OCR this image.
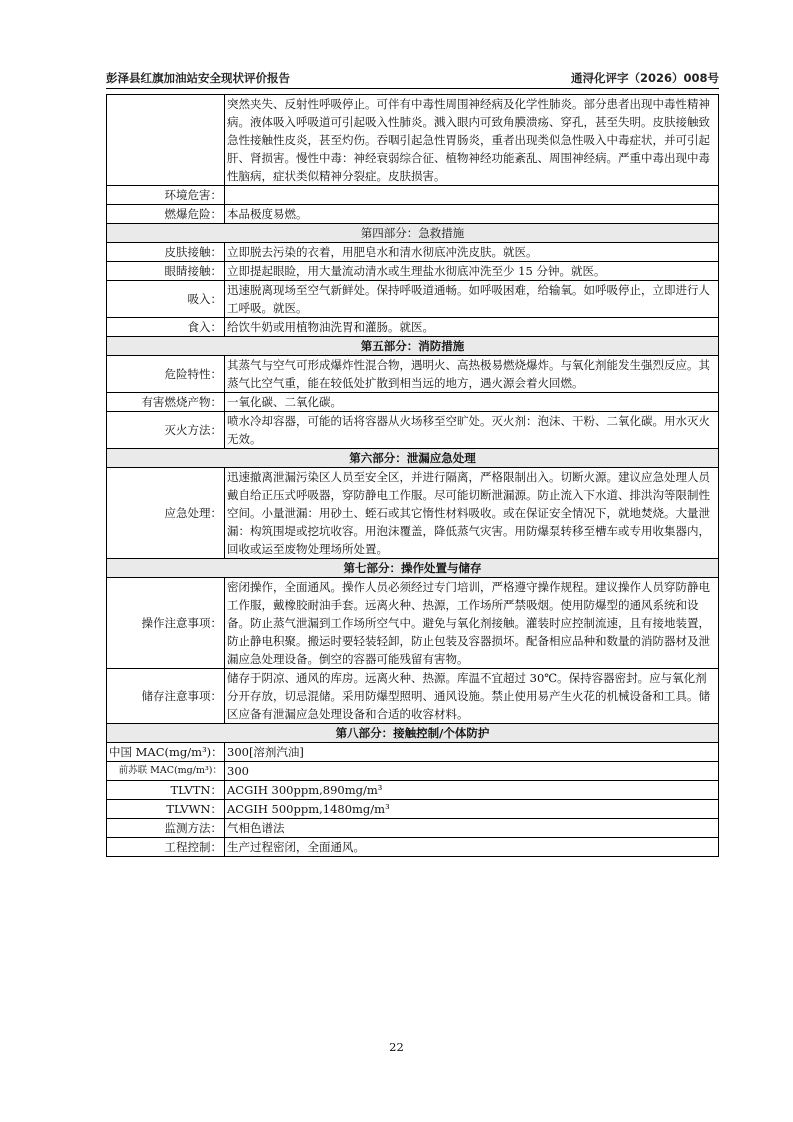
彭泽县红旗加油站安全现状评价报告	通浔化评字（2026）008号
	突然夹失、反射性呼吸停止。可伴有中毒性周围神经病及化学性肺炎。部分患者出现中毒性精神病。液体吸入呼吸道可引起吸入性肺炎。溅入眼内可致角膜溃疡、穿孔，甚至失明。皮肤接触致急性接触性皮炎，甚至灼伤。吞咽引起急性胃肠炎，重者出现类似急性吸入中毒症状，并可引起肝、肾损害。慢性中毒：神经衰弱综合征、植物神经功能紊乱、周围神经病。严重中毒出现中毒性脑病，症状类似精神分裂症。皮肤损害。
环境危害：	
燃爆危险：	本品极度易燃。
第四部分：急救措施	
皮肤接触：	立即脱去污染的衣着，用肥皂水和清水彻底冲洗皮肤。就医。
眼睛接触：	立即提起眼睑，用大量流动清水或生理盐水彻底冲洗至少 15 分钟。就医。
吸入：	迅速脱离现场至空气新鲜处。保持呼吸道通畅。如呼吸困难，给输氧。如呼吸停止，立即进行人工呼吸。就医。
食入：	给饮牛奶或用植物油洗胃和灌肠。就医。
第五部分：消防措施	
危险特性：	其蒸气与空气可形成爆炸性混合物，遇明火、高热极易燃烧爆炸。与氧化剂能发生强烈反应。其蒸气比空气重，能在较低处扩散到相当远的地方，遇火源会着火回燃。
有害燃烧产物：	一氧化碳、二氧化碳。
灭火方法：	喷水冷却容器，可能的话将容器从火场移至空旷处。灭火剂：泡沫、干粉、二氧化碳。用水灭火无效。
第六部分：泄漏应急处理	
应急处理：	迅速撤离泄漏污染区人员至安全区，并进行隔离，严格限制出入。切断火源。建议应急处理人员戴自给正压式呼吸器，穿防静电工作服。尽可能切断泄漏源。防止流入下水道、排洪沟等限制性空间。小量泄漏：用砂土、蛭石或其它惰性材料吸收。或在保证安全情况下，就地焚烧。大量泄漏：构筑围堤或挖坑收容。用泡沫覆盖，降低蒸气灾害。用防爆泵转移至槽车或专用收集器内，回收或运至废物处理场所处置。
第七部分：操作处置与储存	
操作注意事项：	密闭操作，全面通风。操作人员必须经过专门培训，严格遵守操作规程。建议操作人员穿防静电工作服，戴橡胶耐油手套。远离火种、热源，工作场所严禁吸烟。使用防爆型的通风系统和设备。防止蒸气泄漏到工作场所空气中。避免与氧化剂接触。灌装时应控制流速，且有接地装置，防止静电积聚。搬运时要轻装轻卸，防止包装及容器损坏。配备相应品种和数量的消防器材及泄漏应急处理设备。倒空的容器可能残留有害物。
储存注意事项：	储存于阴凉、通风的库房。远离火种、热源。库温不宜超过 30℃。保持容器密封。应与氧化剂分开存放，切忌混储。采用防爆型照明、通风设施。禁止使用易产生火花的机械设备和工具。储区应备有泄漏应急处理设备和合适的收容材料。
第八部分：接触控制/个体防护	
中国 MAC(mg/m³)：	300[溶剂汽油]
前苏联 MAC(mg/m³)：	300
TLVTN：	ACGIH 300ppm,890mg/m³
TLVWN：	ACGIH 500ppm,1480mg/m³
监测方法：	气相色谱法
工程控制：	生产过程密闭，全面通风。
22
